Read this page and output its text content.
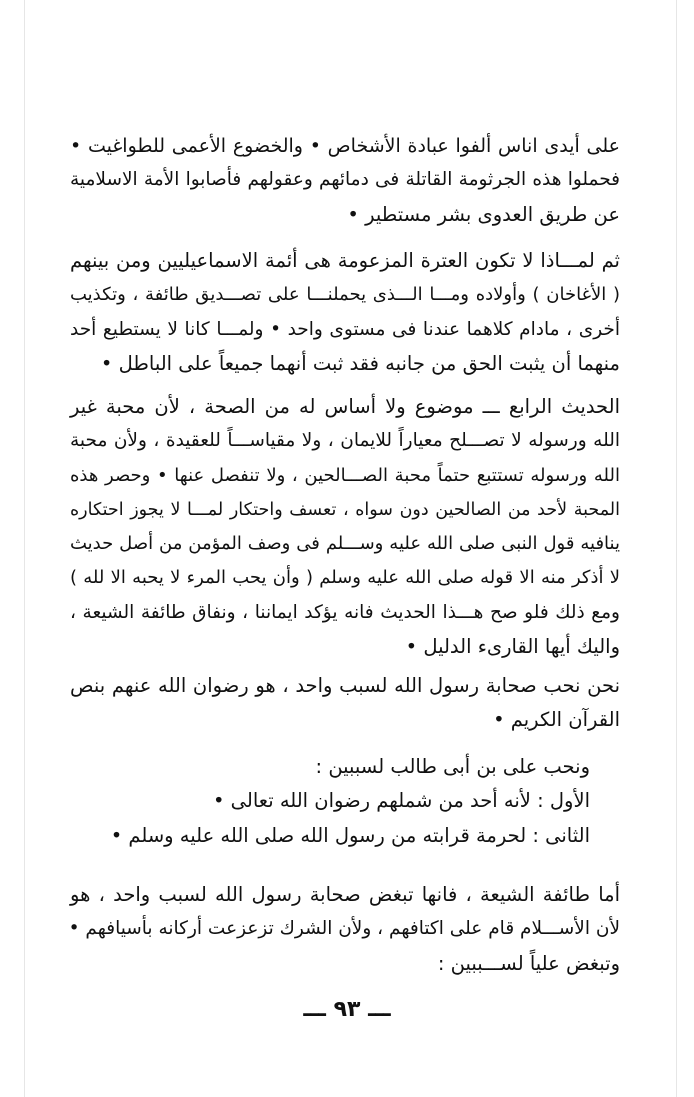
على أيدى اناس ألفوا عبادة الأشخاص • والخضوع الأعمى للطواغيت •
فحملوا هذه الجرثومة القاتلة فى دمائهم وعقولهم فأصابوا الأمة الاسلامية
عن طريق العدوى بشر مستطير •
ثم لمـــاذا لا تكون العترة المزعومة هى أئمة الاسماعيليين ومن بينهم
( الأغاخان ) وأولاده ومـــا الـــذى يحملنـــا على تصـــديق طائفة ، وتكذيب
أخرى ، مادام كلاهما عندنا فى مستوى واحد • ولمـــا كانا لا يستطيع أحد
منهما أن يثبت الحق من جانبه فقد ثبت أنهما جميعاً على الباطل •
الحديث الرابع ـــ موضوع ولا أساس له من الصحة ، لأن محبة غير
الله ورسوله لا تصـــلح معياراً للايمان ، ولا مقياســـاً للعقيدة ، ولأن محبة
الله ورسوله تستتبع حتماً محبة الصـــالحين ، ولا تنفصل عنها • وحصر هذه
المحبة لأحد من الصالحين دون سواه ، تعسف واحتكار لمـــا لا يجوز احتكاره
ينافيه قول النبى صلى الله عليه وســـلم فى وصف المؤمن من أصل حديث
لا أذكر منه الا قوله صلى الله عليه وسلم ( وأن يحب المرء لا يحبه الا لله )
ومع ذلك فلو صح هـــذا الحديث فانه يؤكد ايماننا ، ونفاق طائفة الشيعة ،
واليك أيها القارىء الدليل •
نحن نحب صحابة رسول الله لسبب واحد ، هو رضوان الله عنهم بنص
القرآن الكريم •
ونحب على بن أبى طالب لسببين :
الأول : لأنه أحد من شملهم رضوان الله تعالى •
الثانى : لحرمة قرابته من رسول الله صلى الله عليه وسلم •
أما طائفة الشيعة ، فانها تبغض صحابة رسول الله لسبب واحد ، هو
لأن الأســـلام قام على اكتافهم ، ولأن الشرك تزعزعت أركانه بأسيافهم •
وتبغض علياً لســـببين :
ـــ ٩٣ ـــ
